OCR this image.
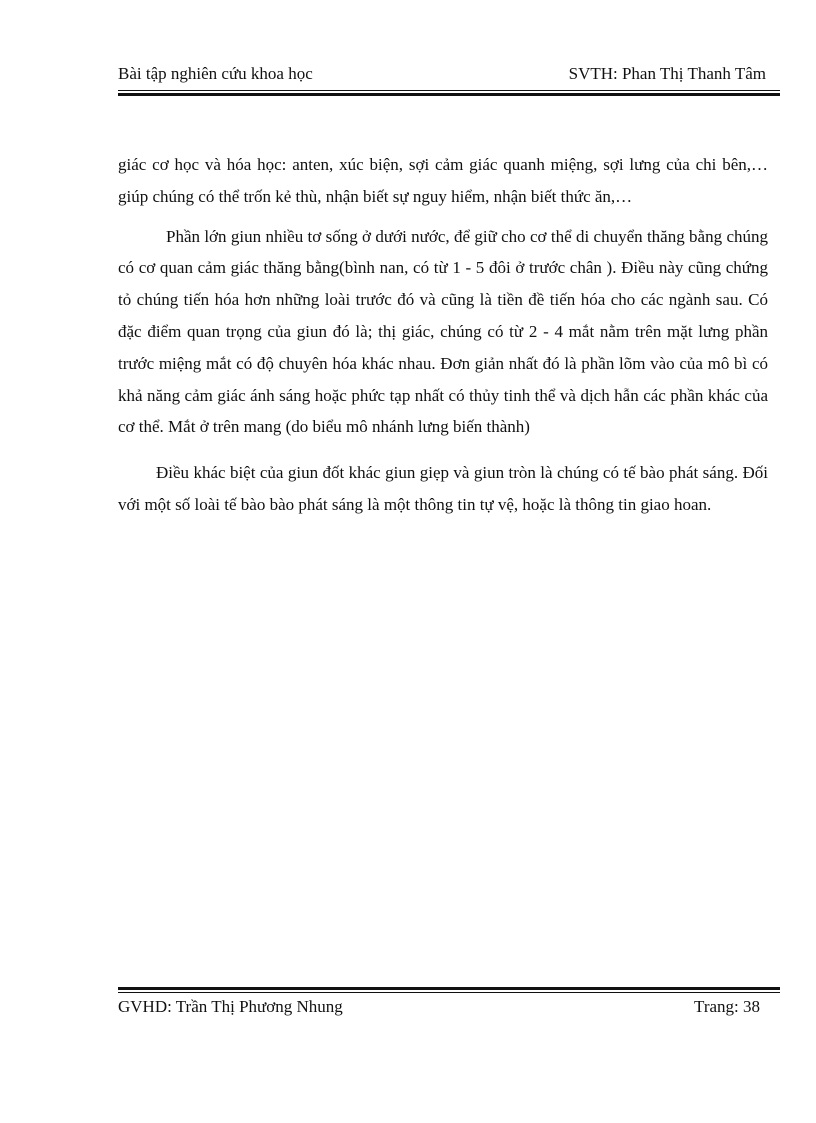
Bài tập nghiên cứu khoa học	SVTH: Phan Thị Thanh Tâm

giác cơ học và hóa học: anten, xúc biện, sợi cảm giác quanh miệng, sợi lưng của chi bên,… giúp chúng có thể trốn kẻ thù, nhận biết sự nguy hiểm, nhận biết thức ăn,…

Phần lớn giun nhiều tơ sống ở dưới nước, để giữ cho cơ thể di chuyển thăng bằng chúng có cơ quan cảm giác thăng bằng(bình nan, có từ 1 - 5 đôi ở trước chân ). Điều này cũng chứng tỏ chúng tiến hóa hơn những loài trước đó và cũng là tiền đề tiến hóa cho các ngành sau. Có đặc điểm quan trọng của giun đó là; thị giác, chúng có từ 2 - 4 mắt nằm trên mặt lưng phần trước miệng mắt có độ chuyên hóa khác nhau. Đơn giản nhất đó là phần lõm vào của mô bì có khả năng cảm giác ánh sáng hoặc phức tạp nhất có thủy tinh thể và dịch hẫn các phần khác của cơ thể. Mắt ở trên mang (do biểu mô nhánh lưng biến thành)

Điều khác biệt của giun đốt khác giun giẹp và giun tròn là chúng có tế bào phát sáng. Đối với một số loài tế bào bào phát sáng là một thông tin tự vệ, hoặc là thông tin giao hoan.

GVHD: Trần Thị Phương Nhung	Trang: 38
